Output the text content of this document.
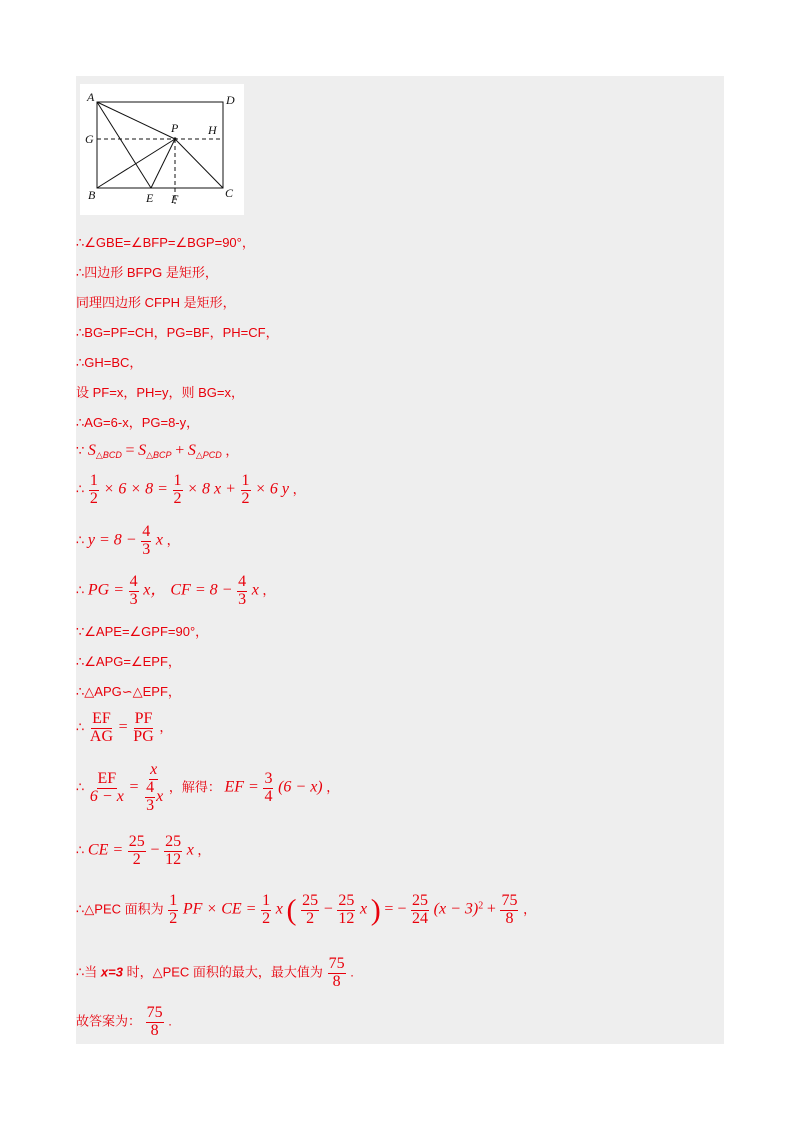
A	D
G
P H
B	E F	C
∴∠GBE=∠BFP=∠BGP=90°，
∴四边形 BFPG 是矩形，
同理四边形 CFPH 是矩形，
∴BG=PF=CH，PG=BF，PH=CF，
∴GH=BC，
设 PF=x，PH=y，则 BG=x，
∴AG=6-x，PG=8-y，
∵ $S_{\triangle BCD} = S_{\triangle BCP} + S_{\triangle PCD}$ ，
∴ $\frac{1}{2} \times 6 \times 8 = \frac{1}{2} \times 8$ $x + \frac{1}{2} \times 6$ y ，
∴ $y = 8 - \frac{4}{3}$ x ，
∴ PG = $\frac{4}{3}$ x， CF = $8 - \frac{4}{3}$ x ，
∵∠APE=∠GPF=90°，
∴∠APG=∠EPF，
∴△APG∽△EPF，
∴ $\frac{EF}{AG} = \frac{PF}{PG}$ ，
∴ $\frac{EF}{6 - x} = \frac{x}{\frac{4}{3} x}$ ，解得： EF = $\frac{3}{4} (6 - x)$ ，
∴ CE = $\frac{25}{2} - \frac{25}{12}$ x ，
∴△PEC 面积为 $\frac{1}{2}$ PF × CE = $\frac{1}{2}$ x ( $\frac{25}{2} - \frac{25}{12}$ x ) = − $\frac{25}{24} (x - 3)^2 + \frac{75}{8}$ ，
∴当 x=3 时，△PEC 面积的最大，最大值为 $\frac{75}{8}$ .
故答案为： $\frac{75}{8}$ .
